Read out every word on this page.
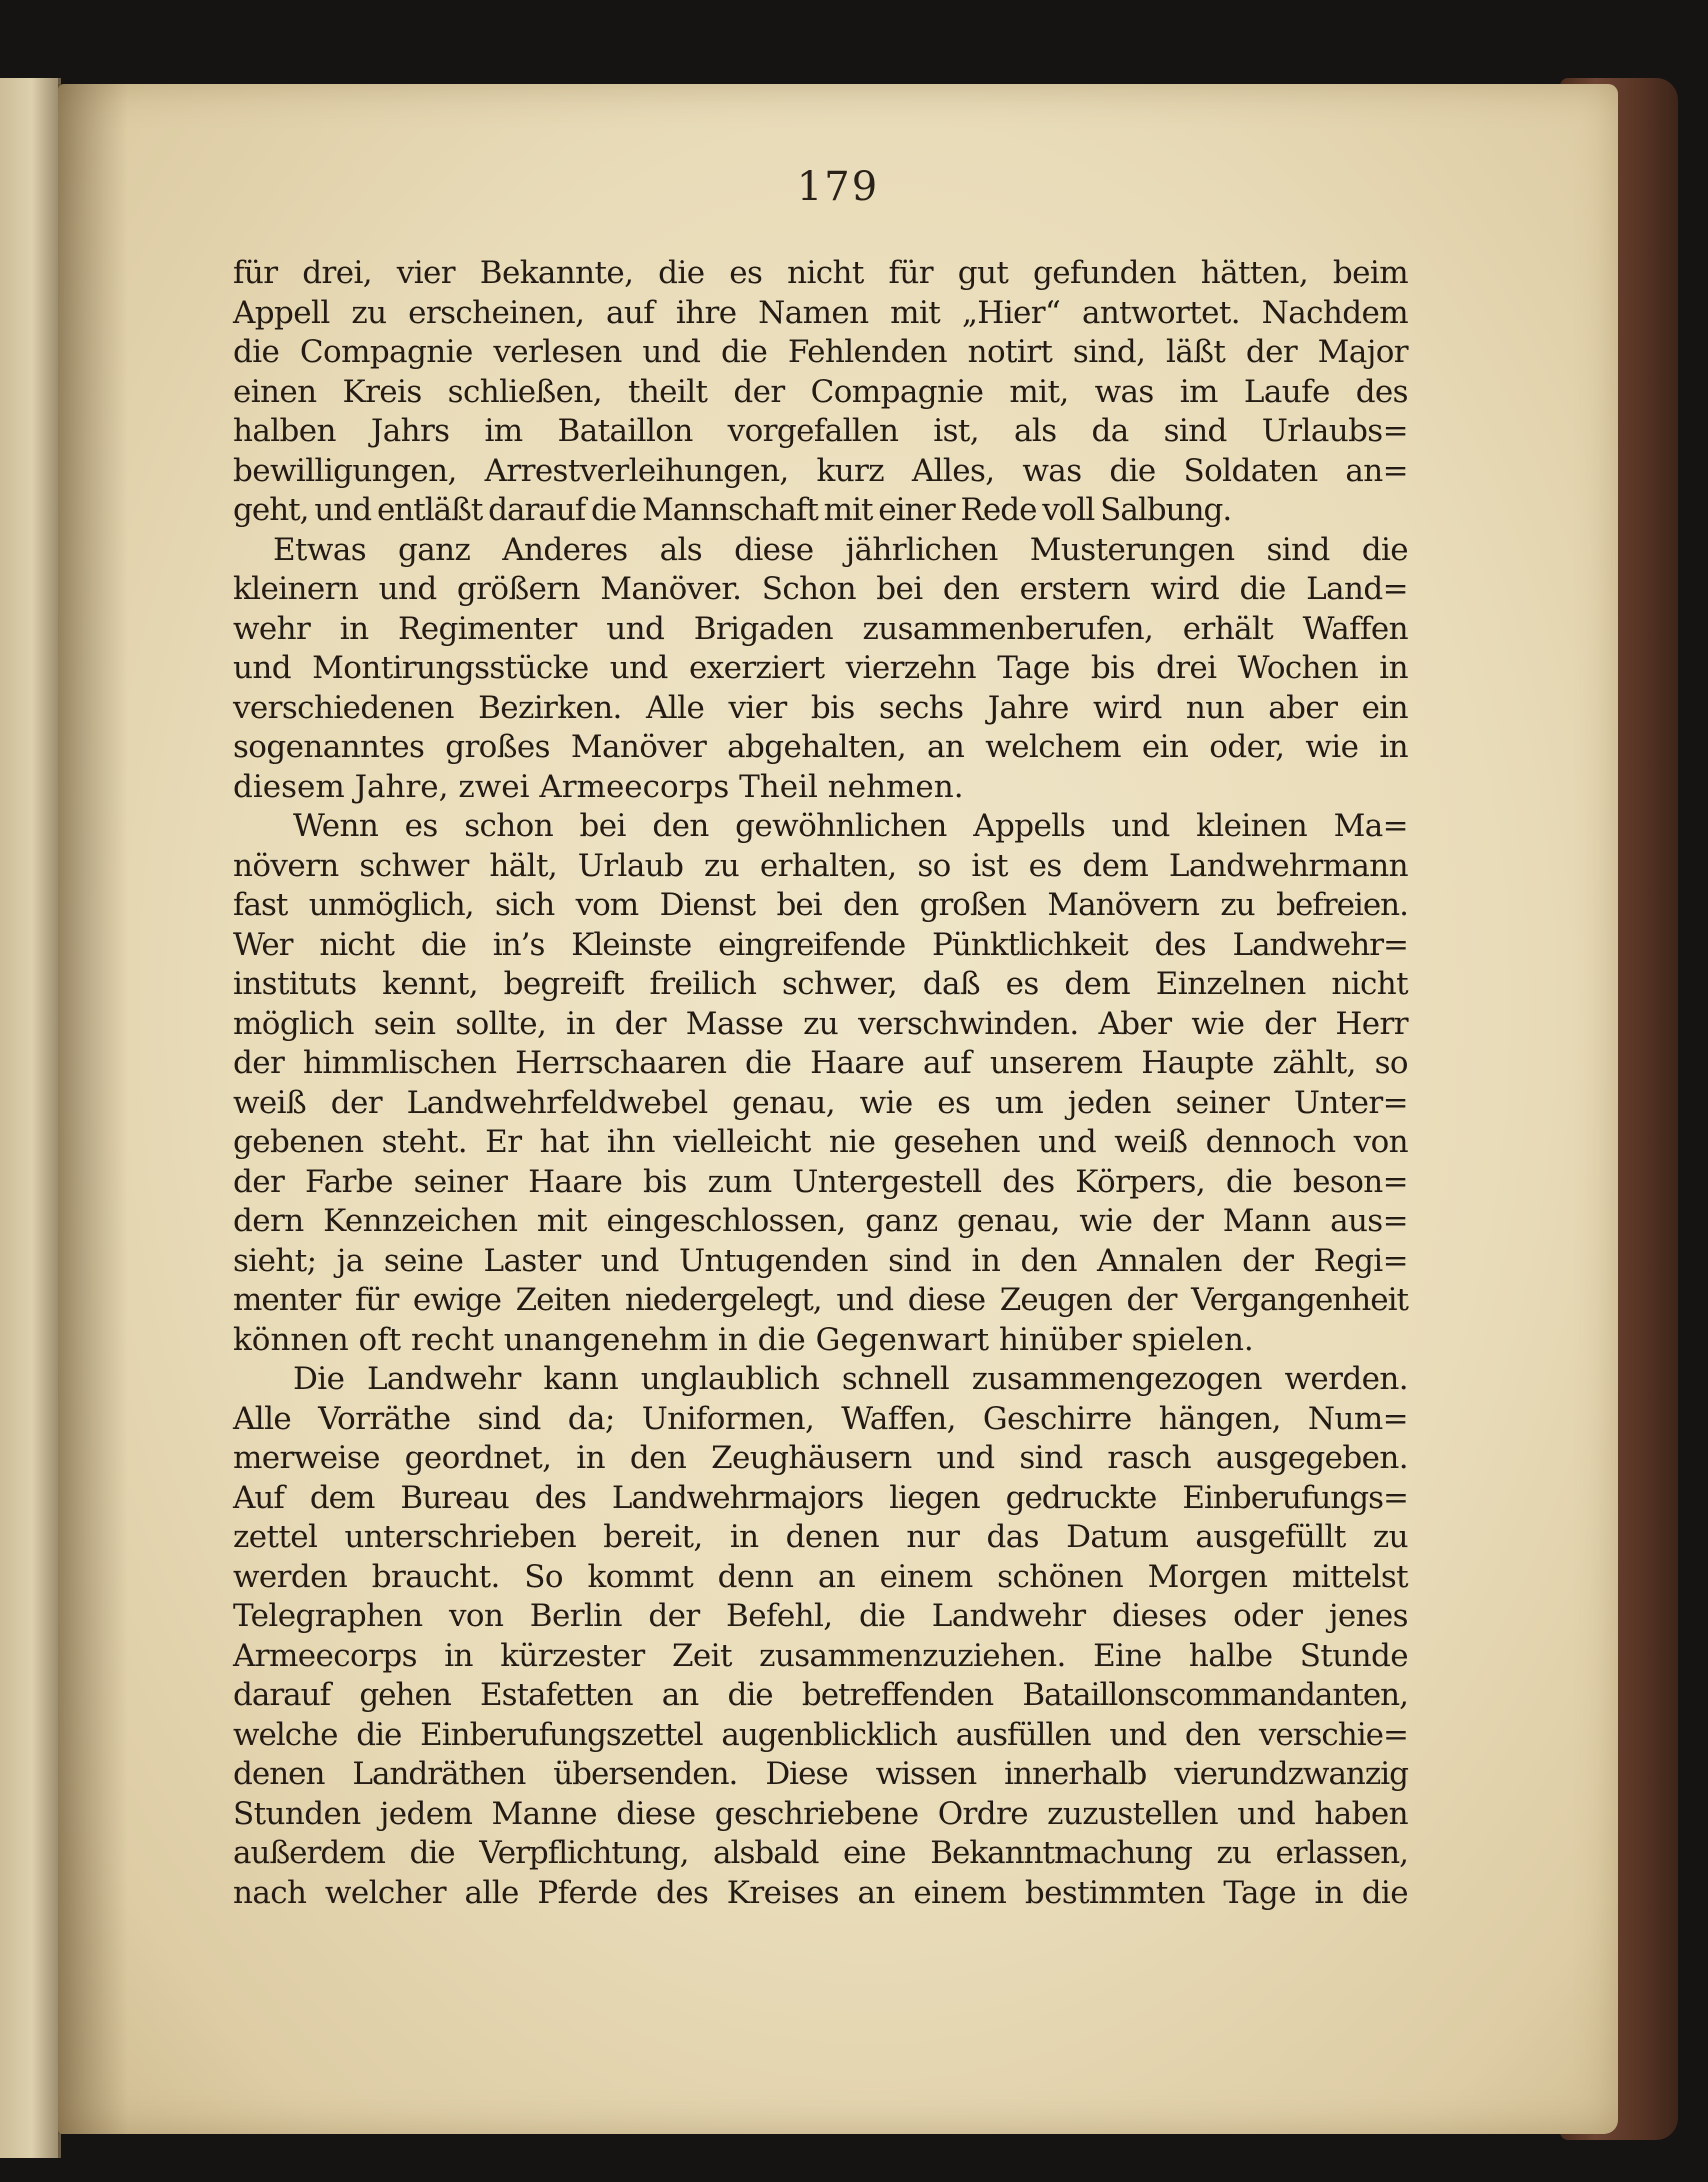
179
für drei, vier Bekannte, die es nicht für gut gefunden hätten, beim
Appell zu erscheinen, auf ihre Namen mit „Hier“ antwortet. Nachdem
die Compagnie verlesen und die Fehlenden notirt sind, läßt der Major
einen Kreis schließen, theilt der Compagnie mit, was im Laufe des
halben Jahrs im Bataillon vorgefallen ist, als da sind Urlaubs=
bewilligungen, Arrestverleihungen, kurz Alles, was die Soldaten an=
geht, und entläßt darauf die Mannschaft mit einer Rede voll Salbung.
Etwas ganz Anderes als diese jährlichen Musterungen sind die
kleinern und größern Manöver. Schon bei den erstern wird die Land=
wehr in Regimenter und Brigaden zusammenberufen, erhält Waffen
und Montirungsstücke und exerziert vierzehn Tage bis drei Wochen in
verschiedenen Bezirken. Alle vier bis sechs Jahre wird nun aber ein
sogenanntes großes Manöver abgehalten, an welchem ein oder, wie in
diesem Jahre, zwei Armeecorps Theil nehmen.
Wenn es schon bei den gewöhnlichen Appells und kleinen Ma=
növern schwer hält, Urlaub zu erhalten, so ist es dem Landwehrmann
fast unmöglich, sich vom Dienst bei den großen Manövern zu befreien.
Wer nicht die in’s Kleinste eingreifende Pünktlichkeit des Landwehr=
instituts kennt, begreift freilich schwer, daß es dem Einzelnen nicht
möglich sein sollte, in der Masse zu verschwinden. Aber wie der Herr
der himmlischen Herrschaaren die Haare auf unserem Haupte zählt, so
weiß der Landwehrfeldwebel genau, wie es um jeden seiner Unter=
gebenen steht. Er hat ihn vielleicht nie gesehen und weiß dennoch von
der Farbe seiner Haare bis zum Untergestell des Körpers, die beson=
dern Kennzeichen mit eingeschlossen, ganz genau, wie der Mann aus=
sieht; ja seine Laster und Untugenden sind in den Annalen der Regi=
menter für ewige Zeiten niedergelegt, und diese Zeugen der Vergangenheit
können oft recht unangenehm in die Gegenwart hinüber spielen.
Die Landwehr kann unglaublich schnell zusammengezogen werden.
Alle Vorräthe sind da; Uniformen, Waffen, Geschirre hängen, Num=
merweise geordnet, in den Zeughäusern und sind rasch ausgegeben.
Auf dem Bureau des Landwehrmajors liegen gedruckte Einberufungs=
zettel unterschrieben bereit, in denen nur das Datum ausgefüllt zu
werden braucht. So kommt denn an einem schönen Morgen mittelst
Telegraphen von Berlin der Befehl, die Landwehr dieses oder jenes
Armeecorps in kürzester Zeit zusammenzuziehen. Eine halbe Stunde
darauf gehen Estafetten an die betreffenden Bataillonscommandanten,
welche die Einberufungszettel augenblicklich ausfüllen und den verschie=
denen Landräthen übersenden. Diese wissen innerhalb vierundzwanzig
Stunden jedem Manne diese geschriebene Ordre zuzustellen und haben
außerdem die Verpflichtung, alsbald eine Bekanntmachung zu erlassen,
nach welcher alle Pferde des Kreises an einem bestimmten Tage in die
